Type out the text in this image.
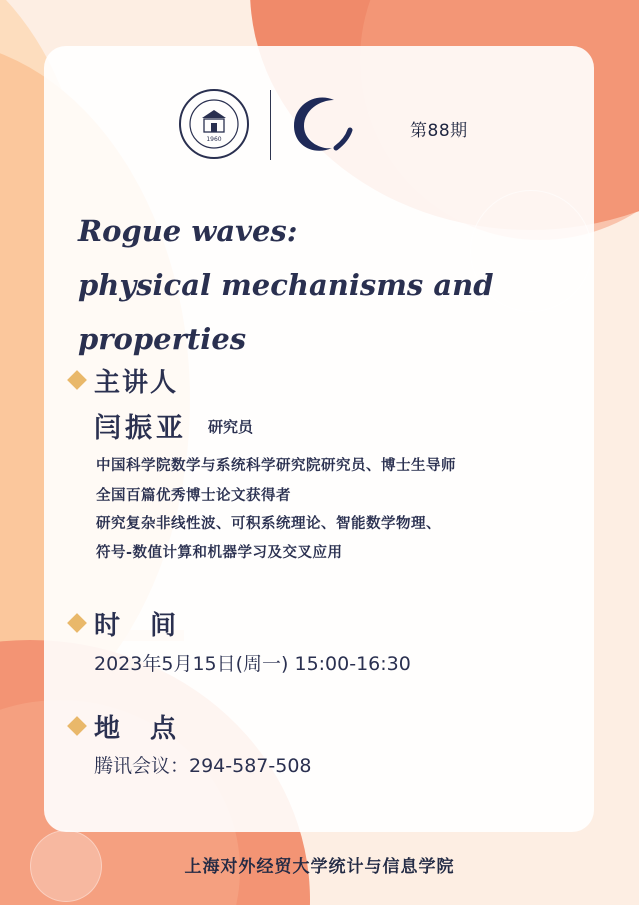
1960	第88期
Rogue waves:
physical mechanisms and properties
主讲人
闫振亚 研究员
中国科学院数学与系统科学研究院研究员、博士生导师
全国百篇优秀博士论文获得者
研究复杂非线性波、可积系统理论、智能数学物理、
符号-数值计算和机器学习及交叉应用
时　间
2023年5月15日(周一) 15:00-16:30
地　点
腾讯会议：294-587-508
上海对外经贸大学统计与信息学院
